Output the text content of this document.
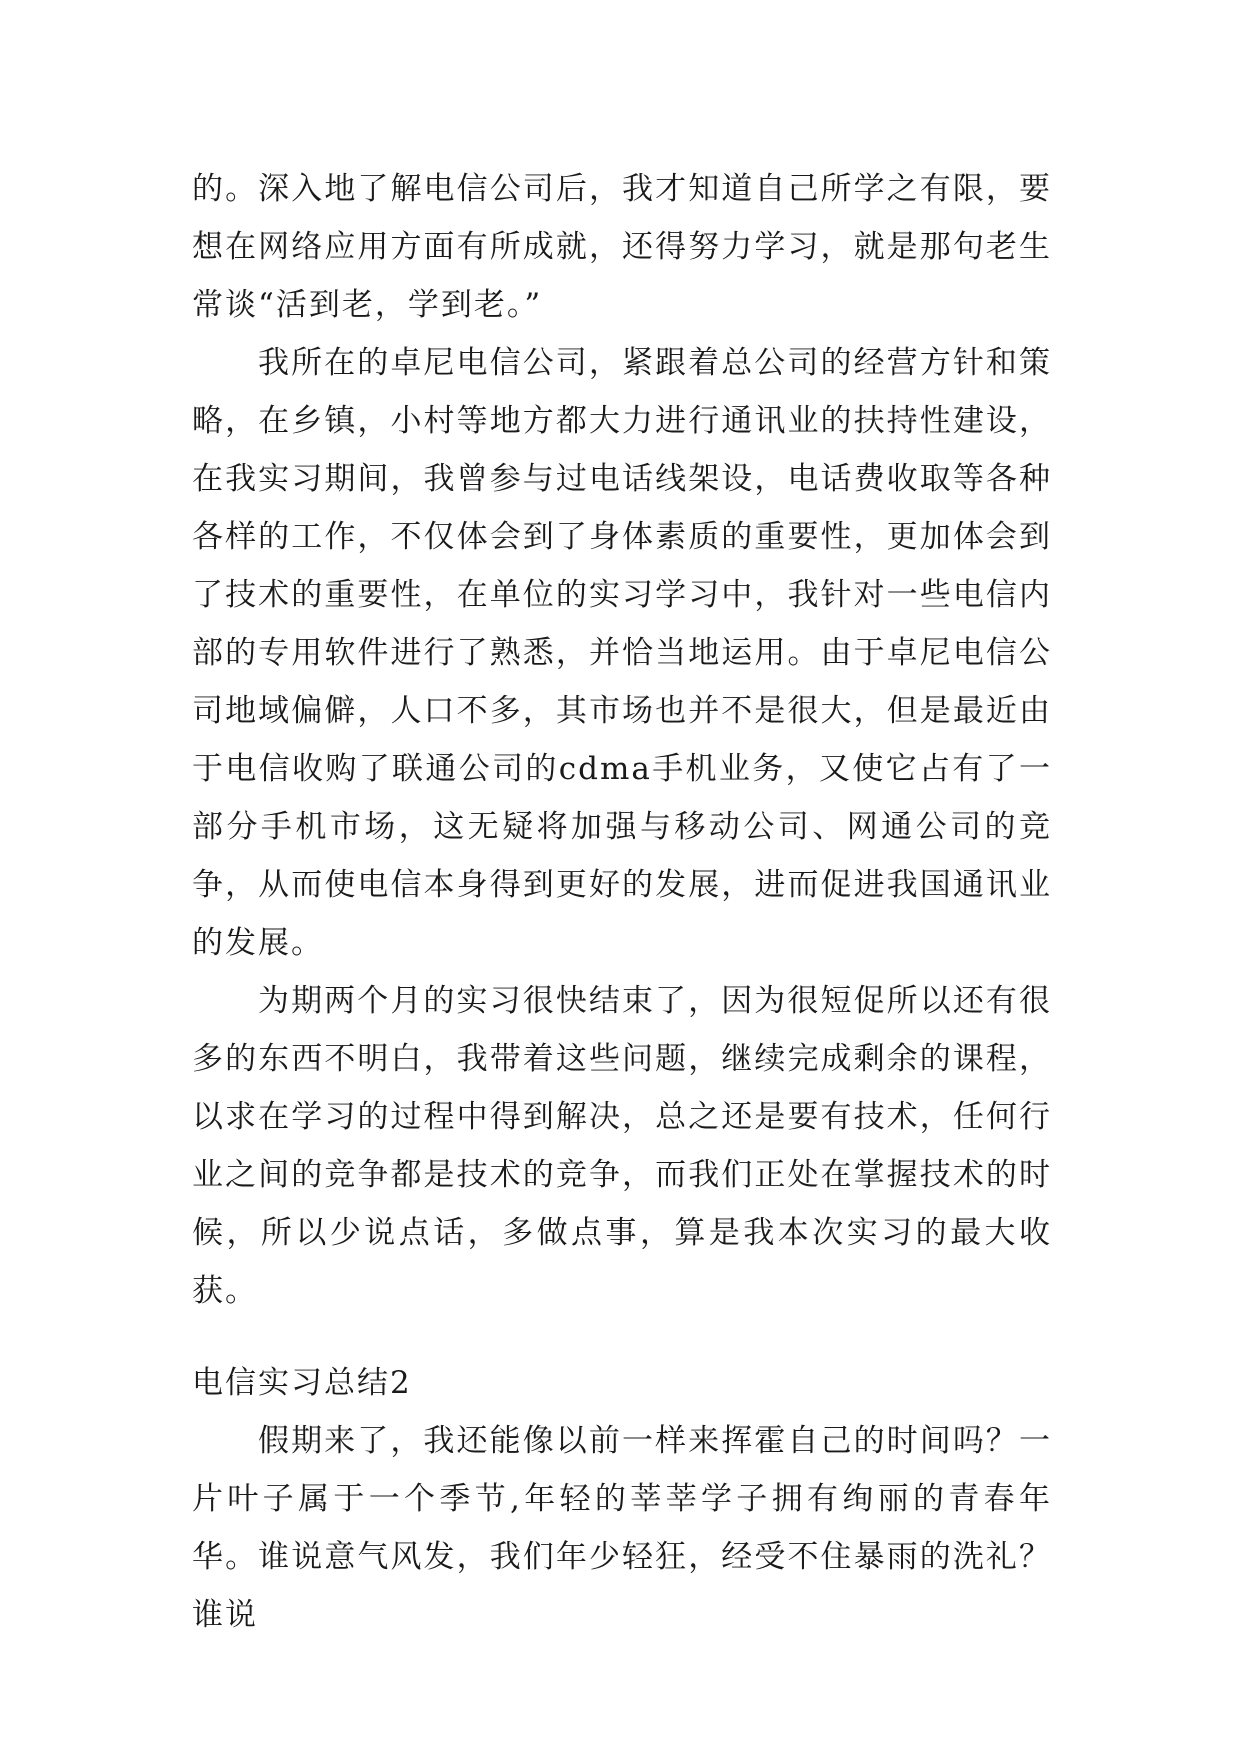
的。深入地了解电信公司后，我才知道自己所学之有限，要想在网络应用方面有所成就，还得努力学习，就是那句老生常谈“活到老，学到老。”

我所在的卓尼电信公司，紧跟着总公司的经营方针和策略，在乡镇，小村等地方都大力进行通讯业的扶持性建设，在我实习期间，我曾参与过电话线架设，电话费收取等各种各样的工作，不仅体会到了身体素质的重要性，更加体会到了技术的重要性，在单位的实习学习中，我针对一些电信内部的专用软件进行了熟悉，并恰当地运用。由于卓尼电信公司地域偏僻，人口不多，其市场也并不是很大，但是最近由于电信收购了联通公司的cdma手机业务，又使它占有了一部分手机市场，这无疑将加强与移动公司、网通公司的竞争，从而使电信本身得到更好的发展，进而促进我国通讯业的发展。

为期两个月的实习很快结束了，因为很短促所以还有很多的东西不明白，我带着这些问题，继续完成剩余的课程，以求在学习的过程中得到解决，总之还是要有技术，任何行业之间的竞争都是技术的竞争，而我们正处在掌握技术的时候，所以少说点话，多做点事，算是我本次实习的最大收获。

电信实习总结2

假期来了，我还能像以前一样来挥霍自己的时间吗？一片叶子属于一个季节,年轻的莘莘学子拥有绚丽的青春年华。谁说意气风发，我们年少轻狂，经受不住暴雨的洗礼？谁说
